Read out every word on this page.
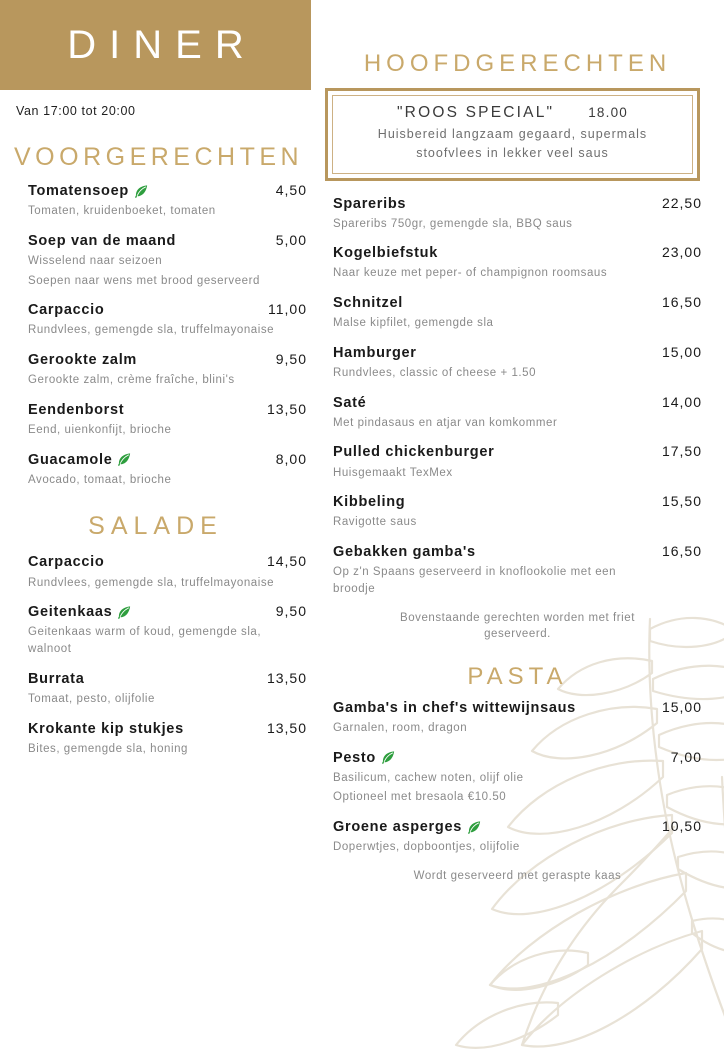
DINER
Van 17:00 tot 20:00
VOORGERECHTEN
Tomatensoep	4,50
Tomaten, kruidenboeket, tomaten
Soep van de maand	5,00
Wisselend naar seizoen
Soepen naar wens met brood geserveerd
Carpaccio	11,00
Rundvlees, gemengde sla, truffelmayonaise
Gerookte zalm	9,50
Gerookte zalm, crème fraîche, blini's
Eendenborst	13,50
Eend, uienkonfijt, brioche
Guacamole	8,00
Avocado, tomaat, brioche
SALADE
Carpaccio	14,50
Rundvlees, gemengde sla, truffelmayonaise
Geitenkaas	9,50
Geitenkaas warm of koud, gemengde sla, walnoot
Burrata	13,50
Tomaat, pesto, olijfolie
Krokante kip stukjes	13,50
Bites, gemengde sla, honing
HOOFDGERECHTEN
"ROOS SPECIAL"	18.00
Huisbereid langzaam gegaard, supermals stoofvlees in lekker veel saus
Spareribs	22,50
Spareribs 750gr, gemengde sla, BBQ saus
Kogelbiefstuk	23,00
Naar keuze met peper- of champignon roomsaus
Schnitzel	16,50
Malse kipfilet, gemengde sla
Hamburger	15,00
Rundvlees, classic of cheese + 1.50
Saté	14,00
Met pindasaus en atjar van komkommer
Pulled chickenburger	17,50
Huisgemaakt TexMex
Kibbeling	15,50
Ravigotte saus
Gebakken gamba's	16,50
Op z'n Spaans geserveerd in knoflookolie met een broodje
Bovenstaande gerechten worden met friet geserveerd.
PASTA
Gamba's in chef's wittewijnsaus	15,00
Garnalen, room, dragon
Pesto	7,00
Basilicum, cachew noten, olijf olie
Optioneel met bresaola €10.50
Groene asperges	10,50
Doperwtjes, dopboontjes, olijfolie
Wordt geserveerd met geraspte kaas
